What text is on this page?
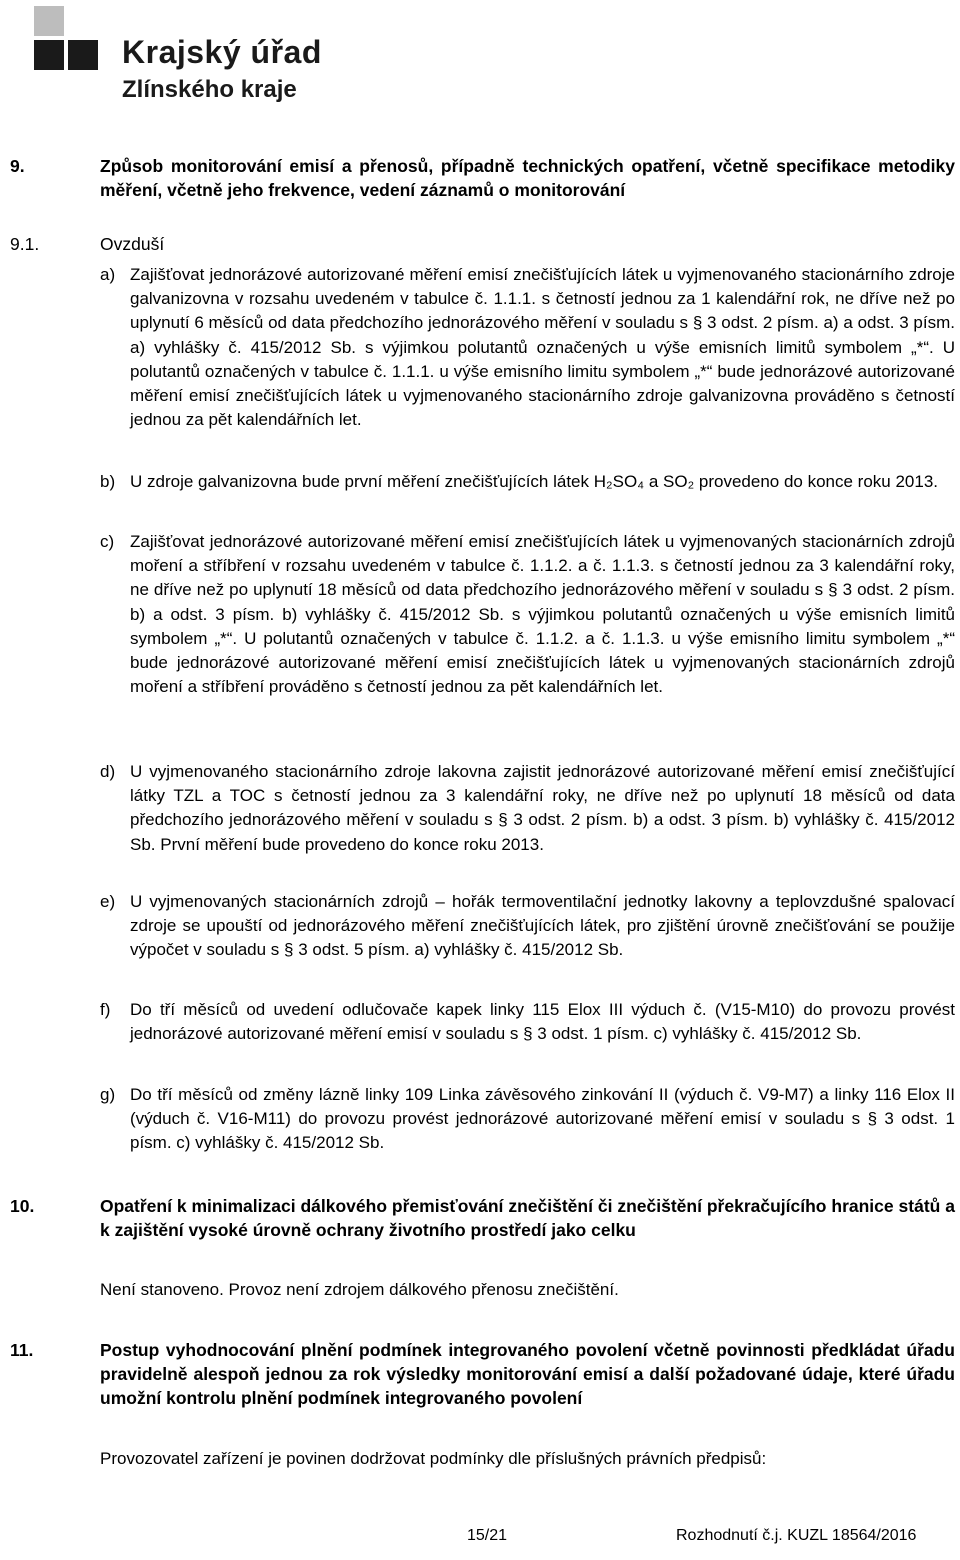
Krajský úřad
Zlínského kraje
9.	Způsob monitorování emisí a přenosů, případně technických opatření, včetně specifikace metodiky měření, včetně jeho frekvence, vedení záznamů o monitorování
9.1.	Ovzduší
a) Zajišťovat jednorázové autorizované měření emisí znečišťujících látek u vyjmenovaného stacionárního zdroje galvanizovna v rozsahu uvedeném v tabulce č. 1.1.1. s četností jednou za 1 kalendářní rok, ne dříve než po uplynutí 6 měsíců od data předchozího jednorázového měření v souladu s § 3 odst. 2 písm. a) a odst. 3 písm. a) vyhlášky č. 415/2012 Sb. s výjimkou polutantů označených u výše emisních limitů symbolem „*“. U polutantů označených v tabulce č. 1.1.1. u výše emisního limitu symbolem „*“ bude jednorázové autorizované měření emisí znečišťujících látek u vyjmenovaného stacionárního zdroje galvanizovna prováděno s četností jednou za pět kalendářních let.
b) U zdroje galvanizovna bude první měření znečišťujících látek H₂SO₄ a SO₂ provedeno do konce roku 2013.
c) Zajišťovat jednorázové autorizované měření emisí znečišťujících látek u vyjmenovaných stacionárních zdrojů moření a stříbření v rozsahu uvedeném v tabulce č. 1.1.2. a č. 1.1.3. s četností jednou za 3 kalendářní roky, ne dříve než po uplynutí 18 měsíců od data předchozího jednorázového měření v souladu s § 3 odst. 2 písm. b) a odst. 3 písm. b) vyhlášky č. 415/2012 Sb. s výjimkou polutantů označených u výše emisních limitů symbolem „*“. U polutantů označených v tabulce č. 1.1.2. a č. 1.1.3. u výše emisního limitu symbolem „*“ bude jednorázové autorizované měření emisí znečišťujících látek u vyjmenovaných stacionárních zdrojů moření a stříbření prováděno s četností jednou za pět kalendářních let.
d) U vyjmenovaného stacionárního zdroje lakovna zajistit jednorázové autorizované měření emisí znečišťující látky TZL a TOC s četností jednou za 3 kalendářní roky, ne dříve než po uplynutí 18 měsíců od data předchozího jednorázového měření v souladu s § 3 odst. 2 písm. b) a odst. 3 písm. b) vyhlášky č. 415/2012 Sb. První měření bude provedeno do konce roku 2013.
e) U vyjmenovaných stacionárních zdrojů – hořák termoventilační jednotky lakovny a teplovzdušné spalovací zdroje se upouští od jednorázového měření znečišťujících látek, pro zjištění úrovně znečišťování se použije výpočet v souladu s § 3 odst. 5 písm. a) vyhlášky č. 415/2012 Sb.
f) Do tří měsíců od uvedení odlučovače kapek linky 115 Elox III výduch č. (V15-M10) do provozu provést jednorázové autorizované měření emisí v souladu s § 3 odst. 1 písm. c) vyhlášky č. 415/2012 Sb.
g) Do tří měsíců od změny lázně linky 109 Linka závěsového zinkování II (výduch č. V9-M7) a linky 116 Elox II (výduch č. V16-M11) do provozu provést jednorázové autorizované měření emisí v souladu s § 3 odst. 1 písm. c) vyhlášky č. 415/2012 Sb.
10.	Opatření k minimalizaci dálkového přemisťování znečištění či znečištění překračujícího hranice států a k zajištění vysoké úrovně ochrany životního prostředí jako celku
Není stanoveno. Provoz není zdrojem dálkového přenosu znečištění.
11.	Postup vyhodnocování plnění podmínek integrovaného povolení včetně povinnosti předkládat úřadu pravidelně alespoň jednou za rok výsledky monitorování emisí a další požadované údaje, které úřadu umožní kontrolu plnění podmínek integrovaného povolení
Provozovatel zařízení je povinen dodržovat podmínky dle příslušných právních předpisů:
15/21	Rozhodnutí č.j. KUZL 18564/2016
